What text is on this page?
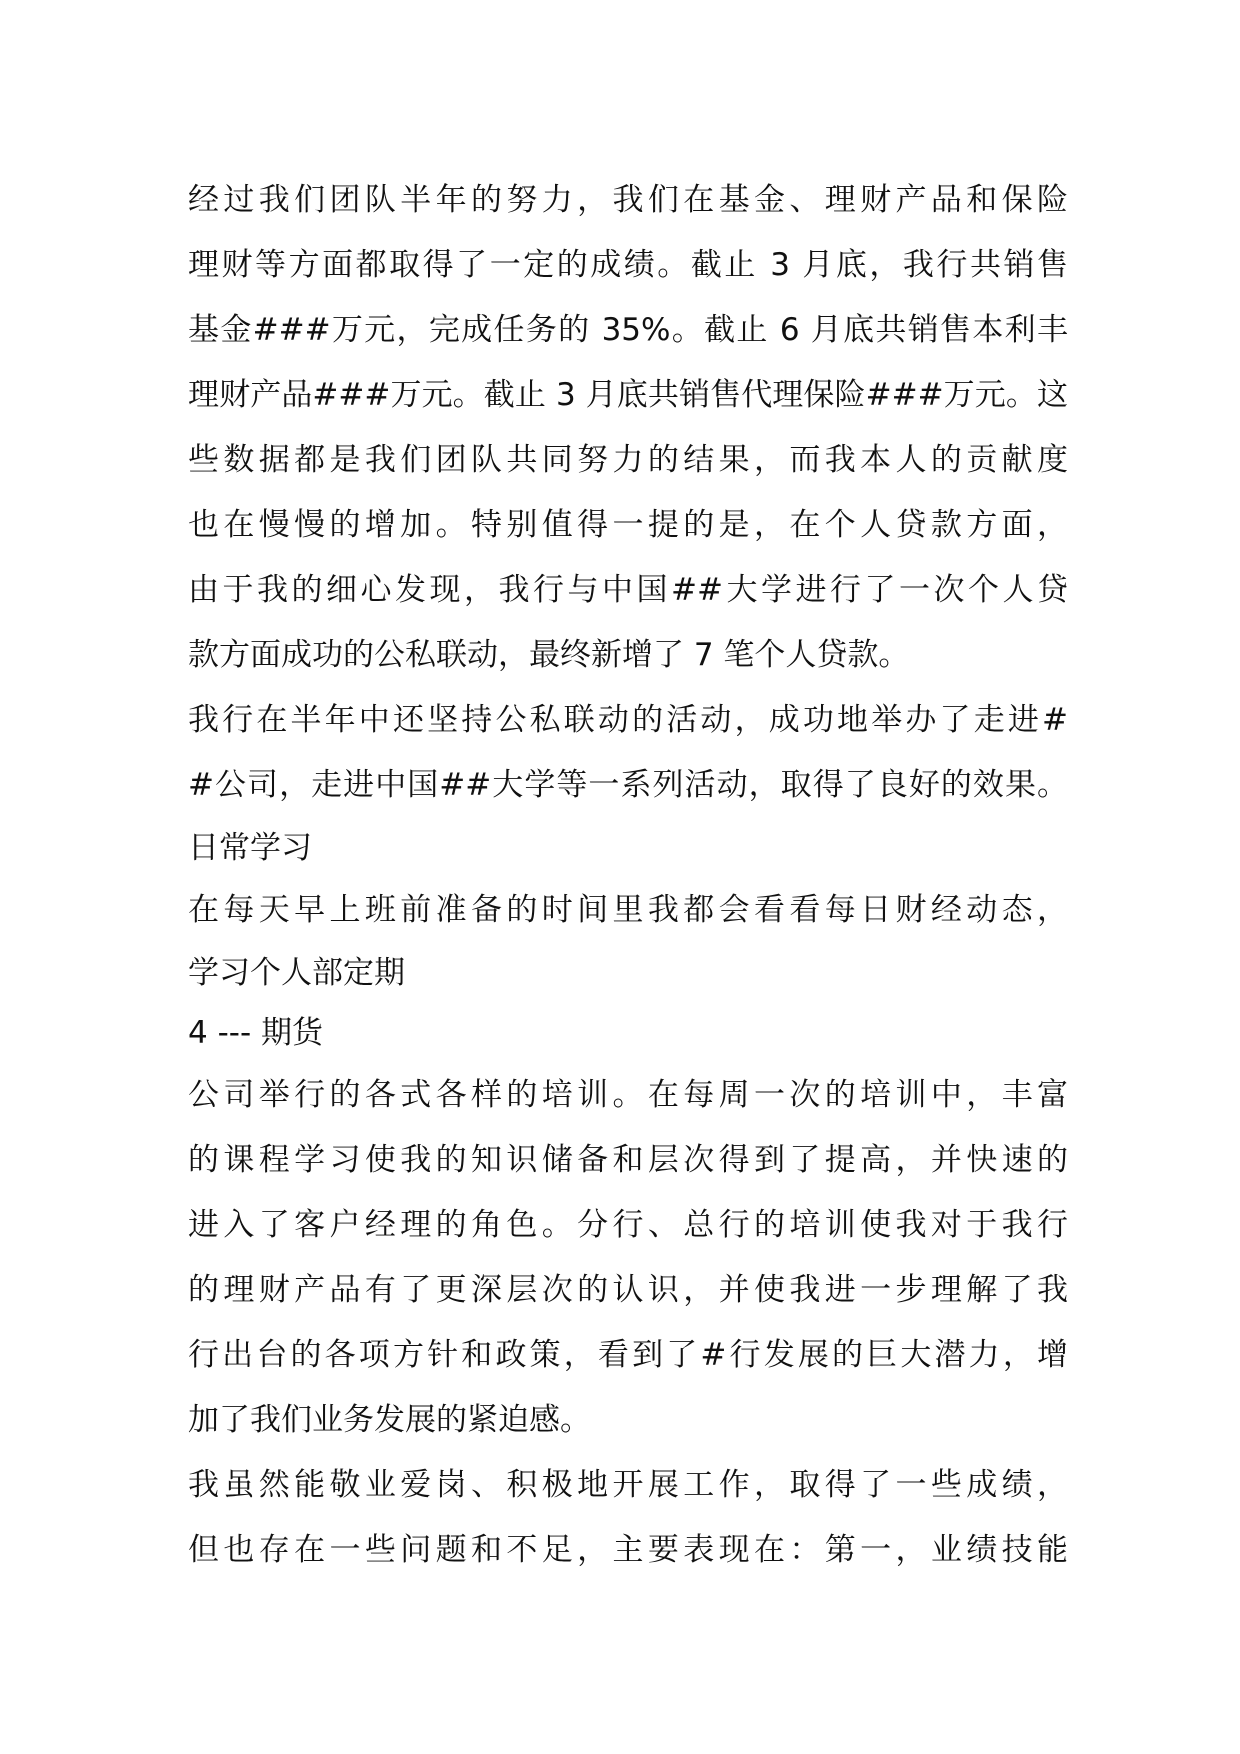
经过我们团队半年的努力，我们在基金、理财产品和保险
理财等方面都取得了一定的成绩。截止 3 月底，我行共销售
基金###万元，完成任务的 35%。截止 6 月底共销售本利丰
理财产品###万元。截止 3 月底共销售代理保险###万元。这
些数据都是我们团队共同努力的结果，而我本人的贡献度
也在慢慢的增加。特别值得一提的是，在个人贷款方面，
由于我的细心发现，我行与中国##大学进行了一次个人贷
款方面成功的公私联动，最终新增了 7 笔个人贷款。
我行在半年中还坚持公私联动的活动，成功地举办了走进#
#公司，走进中国##大学等一系列活动，取得了良好的效果。
日常学习
在每天早上班前准备的时间里我都会看看每日财经动态，
学习个人部定期
4 --- 期货
公司举行的各式各样的培训。在每周一次的培训中，丰富
的课程学习使我的知识储备和层次得到了提高，并快速的
进入了客户经理的角色。分行、总行的培训使我对于我行
的理财产品有了更深层次的认识，并使我进一步理解了我
行出台的各项方针和政策，看到了#行发展的巨大潜力，增
加了我们业务发展的紧迫感。
我虽然能敬业爱岗、积极地开展工作，取得了一些成绩，
但也存在一些问题和不足，主要表现在：第一，业绩技能
